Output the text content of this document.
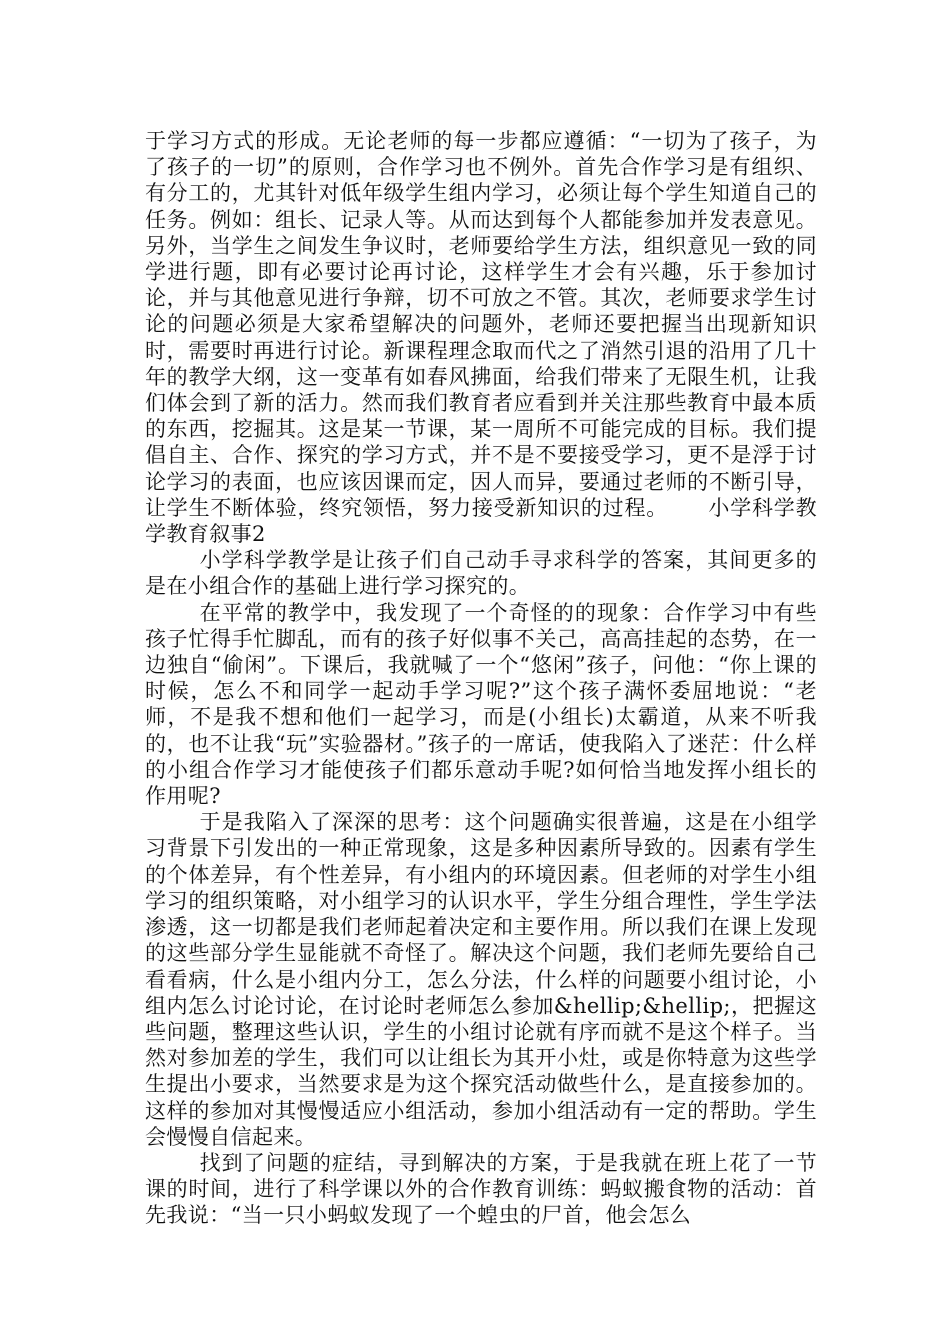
于学习方式的形成。无论老师的每一步都应遵循：“一切为了孩子，为了孩子的一切”的原则，合作学习也不例外。首先合作学习是有组织、有分工的，尤其针对低年级学生组内学习，必须让每个学生知道自己的任务。例如：组长、记录人等。从而达到每个人都能参加并发表意见。另外，当学生之间发生争议时，老师要给学生方法，组织意见一致的同学进行题，即有必要讨论再讨论，这样学生才会有兴趣，乐于参加讨论，并与其他意见进行争辩，切不可放之不管。其次，老师要求学生讨论的问题必须是大家希望解决的问题外，老师还要把握当出现新知识时，需要时再进行讨论。新课程理念取而代之了消然引退的沿用了几十年的教学大纲，这一变革有如春风拂面，给我们带来了无限生机，让我们体会到了新的活力。然而我们教育者应看到并关注那些教育中最本质的东西，挖掘其。这是某一节课，某一周所不可能完成的目标。我们提倡自主、合作、探究的学习方式，并不是不要接受学习，更不是浮于讨论学习的表面，也应该因课而定，因人而异，要通过老师的不断引导，让学生不断体验，终究领悟，努力接受新知识的过程。 小学科学教学教育叙事2

小学科学教学是让孩子们自己动手寻求科学的答案，其间更多的是在小组合作的基础上进行学习探究的。

在平常的教学中，我发现了一个奇怪的的现象：合作学习中有些孩子忙得手忙脚乱，而有的孩子好似事不关己，高高挂起的态势，在一边独自“偷闲”。下课后，我就喊了一个“悠闲”孩子，问他：“你上课的时候，怎么不和同学一起动手学习呢?”这个孩子满怀委屈地说：“老师，不是我不想和他们一起学习，而是(小组长)太霸道，从来不听我的，也不让我“玩”实验器材。”孩子的一席话，使我陷入了迷茫：什么样的小组合作学习才能使孩子们都乐意动手呢?如何恰当地发挥小组长的作用呢?

于是我陷入了深深的思考：这个问题确实很普遍，这是在小组学习背景下引发出的一种正常现象，这是多种因素所导致的。因素有学生的个体差异，有个性差异，有小组内的环境因素。但老师的对学生小组学习的组织策略，对小组学习的认识水平，学生分组合理性，学生学法渗透，这一切都是我们老师起着决定和主要作用。所以我们在课上发现的这些部分学生显能就不奇怪了。解决这个问题，我们老师先要给自己看看病，什么是小组内分工，怎么分法，什么样的问题要小组讨论，小组内怎么讨论讨论，在讨论时老师怎么参加&hellip;&hellip;，把握这些问题，整理这些认识，学生的小组讨论就有序而就不是这个样子。当然对参加差的学生，我们可以让组长为其开小灶，或是你特意为这些学生提出小要求，当然要求是为这个探究活动做些什么，是直接参加的。这样的参加对其慢慢适应小组活动，参加小组活动有一定的帮助。学生会慢慢自信起来。

找到了问题的症结，寻到解决的方案，于是我就在班上花了一节课的时间，进行了科学课以外的合作教育训练：蚂蚁搬食物的活动：首先我说：“当一只小蚂蚁发现了一个蝗虫的尸首，他会怎么
